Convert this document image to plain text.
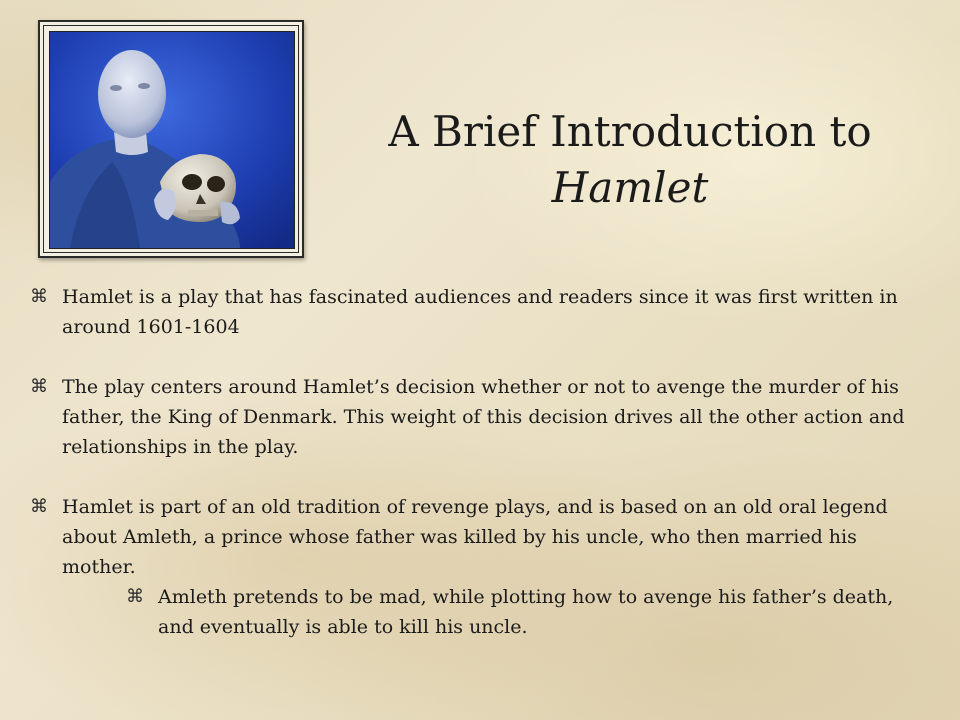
A Brief Introduction to
Hamlet
⌘ Hamlet is a play that has fascinated audiences and readers since it was first written in around 1601-1604
⌘ The play centers around Hamlet’s decision whether or not to avenge the murder of his father, the King of Denmark. This weight of this decision drives all the other action and relationships in the play.
⌘ Hamlet is part of an old tradition of revenge plays, and is based on an old oral legend about Amleth, a prince whose father was killed by his uncle, who then married his mother.
⌘ Amleth pretends to be mad, while plotting how to avenge his father’s death, and eventually is able to kill his uncle.
